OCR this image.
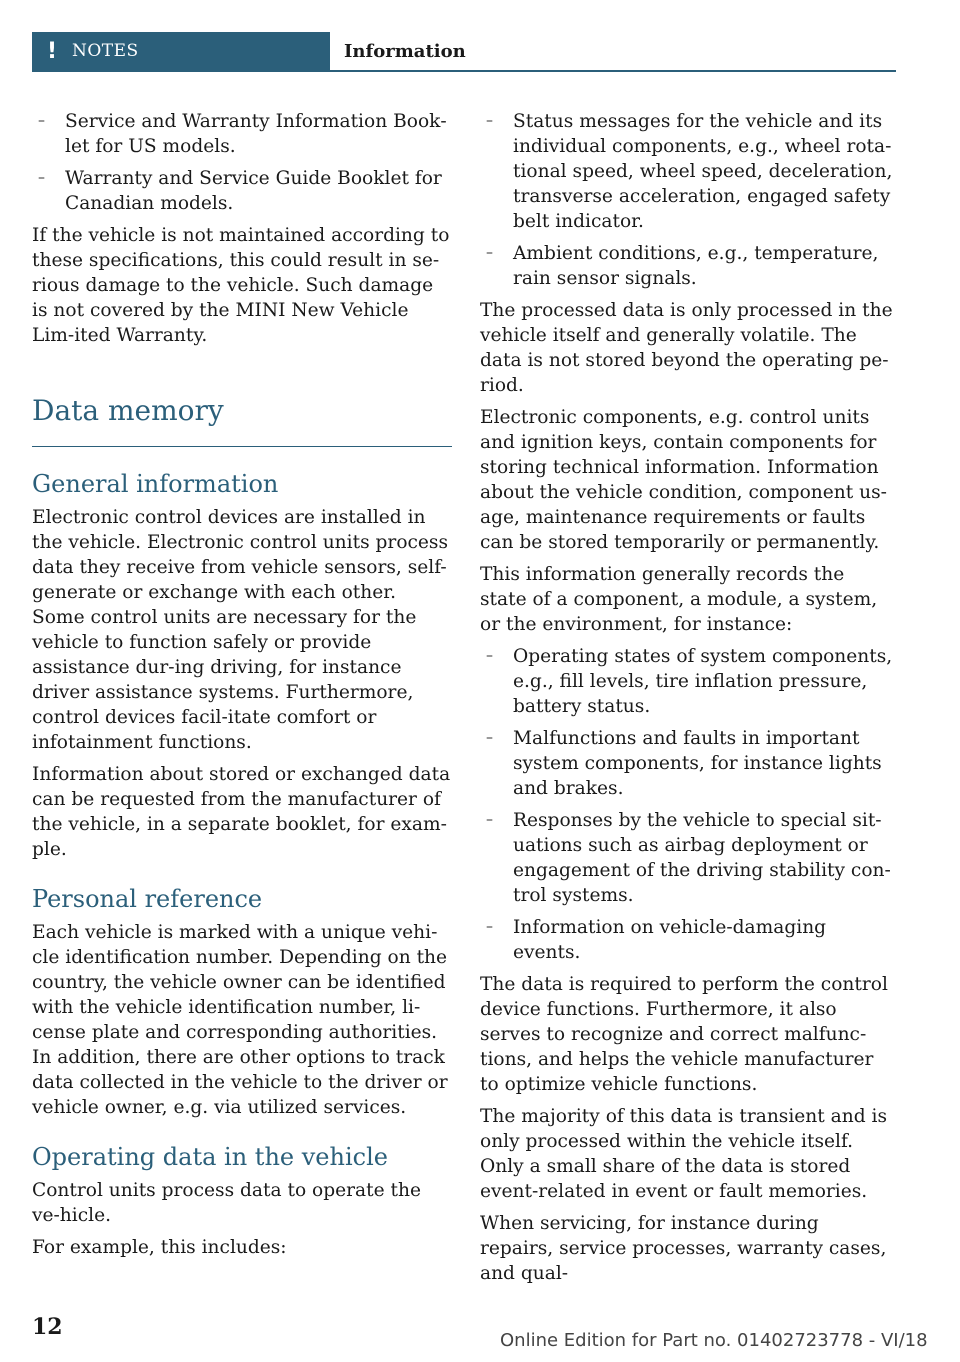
! NOTES	Information
– Service and Warranty Information Book‐let for US models.
– Warranty and Service Guide Booklet for Canadian models.

If the vehicle is not maintained according to these specifications, this could result in se‐rious damage to the vehicle. Such damage is not covered by the MINI New Vehicle Lim‐ited Warranty.

Data memory
General information

Electronic control devices are installed in the vehicle. Electronic control units process data they receive from vehicle sensors, self-generate or exchange with each other. Some control units are necessary for the vehicle to function safely or provide assistance dur‐ing driving, for instance driver assistance systems. Furthermore, control devices facil‐itate comfort or infotainment functions.

Information about stored or exchanged data can be requested from the manufacturer of the vehicle, in a separate booklet, for exam‐ple.

Personal reference

Each vehicle is marked with a unique vehi‐cle identification number. Depending on the country, the vehicle owner can be identified with the vehicle identification number, li‐cense plate and corresponding authorities. In addition, there are other options to track data collected in the vehicle to the driver or vehicle owner, e.g. via utilized services.

Operating data in the vehicle

Control units process data to operate the ve‐hicle.

For example, this includes:

– Status messages for the vehicle and its individual components, e.g., wheel rota‐tional speed, wheel speed, deceleration, transverse acceleration, engaged safety belt indicator.
– Ambient conditions, e.g., temperature, rain sensor signals.

The processed data is only processed in the vehicle itself and generally volatile. The data is not stored beyond the operating pe‐riod.

Electronic components, e.g. control units and ignition keys, contain components for storing technical information. Information about the vehicle condition, component us‐age, maintenance requirements or faults can be stored temporarily or permanently.

This information generally records the state of a component, a module, a system, or the environment, for instance:

– Operating states of system components, e.g., fill levels, tire inflation pressure, battery status.
– Malfunctions and faults in important system components, for instance lights and brakes.
– Responses by the vehicle to special sit‐uations such as airbag deployment or engagement of the driving stability con‐trol systems.
– Information on vehicle-damaging events.

The data is required to perform the control device functions. Furthermore, it also serves to recognize and correct malfunc‐tions, and helps the vehicle manufacturer to optimize vehicle functions.

The majority of this data is transient and is only processed within the vehicle itself. Only a small share of the data is stored event-related in event or fault memories.

When servicing, for instance during repairs, service processes, warranty cases, and qual‐

12
Online Edition for Part no. 01402723778 - VI/18
